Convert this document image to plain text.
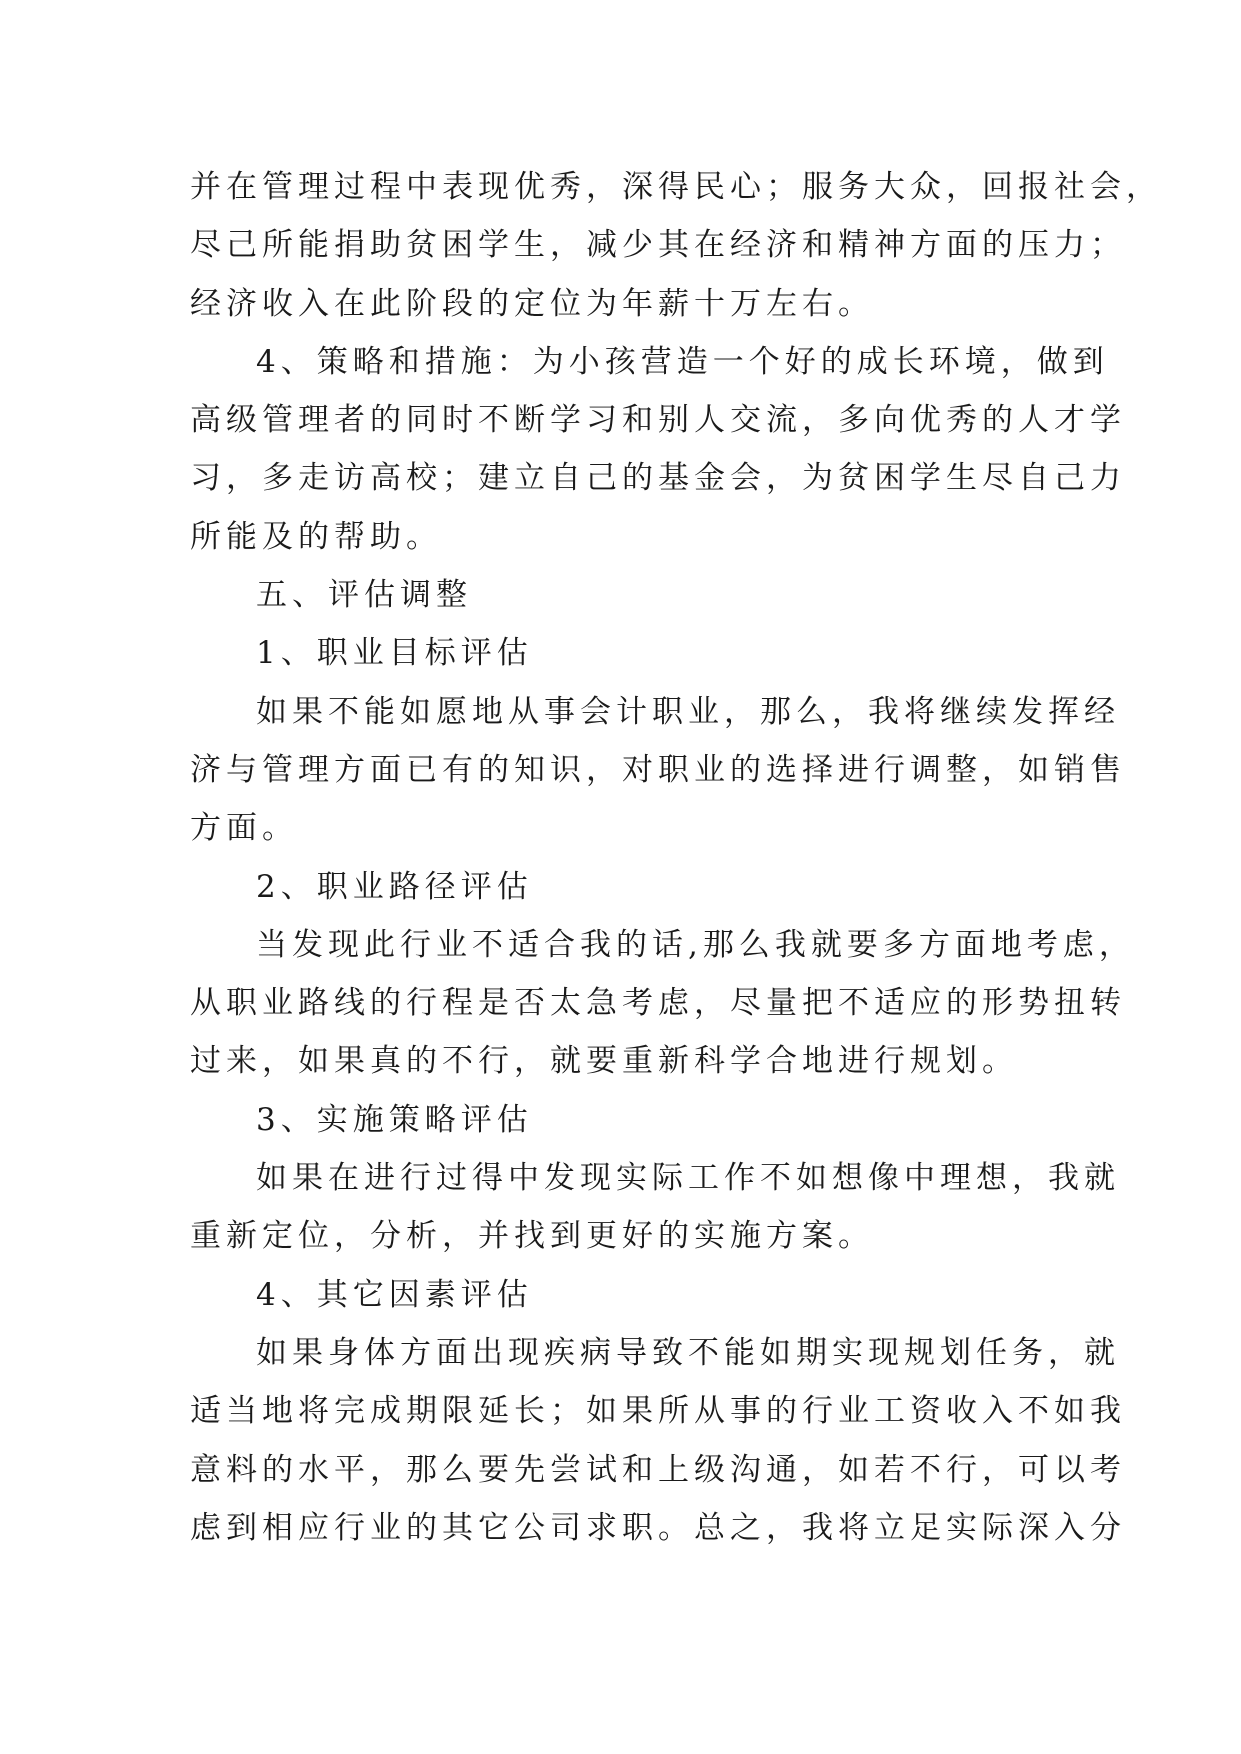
并在管理过程中表现优秀，深得民心；服务大众，回报社会，
尽己所能捐助贫困学生，减少其在经济和精神方面的压力；
经济收入在此阶段的定位为年薪十万左右。
4、策略和措施：为小孩营造一个好的成长环境，做到
高级管理者的同时不断学习和别人交流，多向优秀的人才学
习，多走访高校；建立自己的基金会，为贫困学生尽自己力
所能及的帮助。
五、评估调整
1、职业目标评估
如果不能如愿地从事会计职业，那么，我将继续发挥经
济与管理方面已有的知识，对职业的选择进行调整，如销售
方面。
2、职业路径评估
当发现此行业不适合我的话,那么我就要多方面地考虑，
从职业路线的行程是否太急考虑，尽量把不适应的形势扭转
过来，如果真的不行，就要重新科学合地进行规划。
3、实施策略评估
如果在进行过得中发现实际工作不如想像中理想，我就
重新定位，分析，并找到更好的实施方案。
4、其它因素评估
如果身体方面出现疾病导致不能如期实现规划任务，就
适当地将完成期限延长；如果所从事的行业工资收入不如我
意料的水平，那么要先尝试和上级沟通，如若不行，可以考
虑到相应行业的其它公司求职。总之，我将立足实际深入分
